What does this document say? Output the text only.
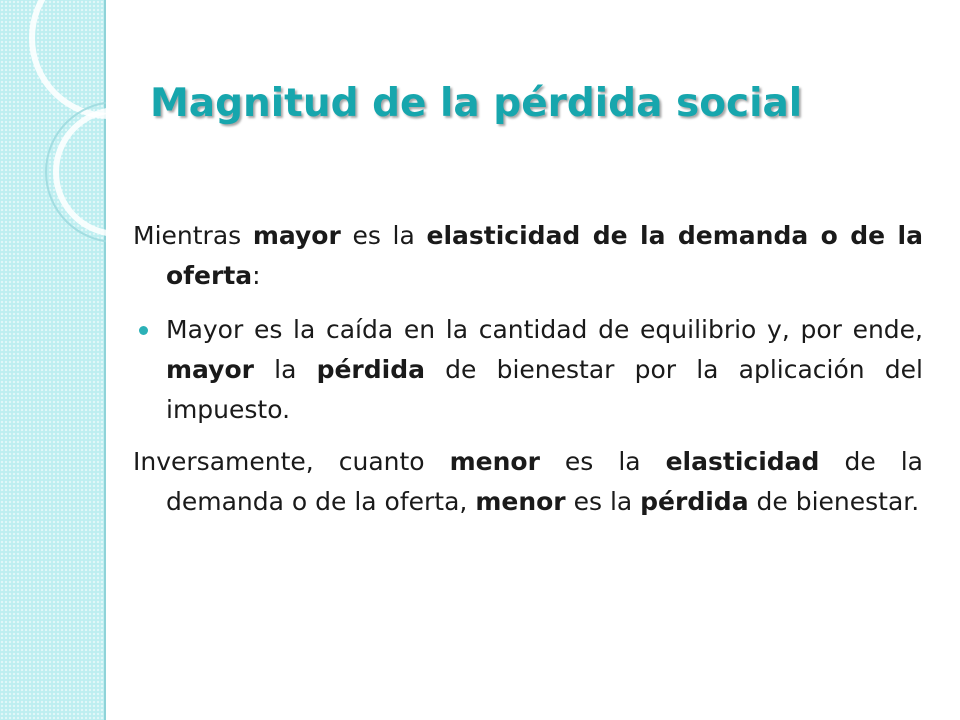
Magnitud de la pérdida social

Mientras mayor es la elasticidad de la demanda o de la oferta:

Mayor es la caída en la cantidad de equilibrio y, por ende, mayor la pérdida de bienestar por la aplicación del impuesto.

Inversamente, cuanto menor es la elasticidad de la demanda o de la oferta, menor es la pérdida de bienestar.
